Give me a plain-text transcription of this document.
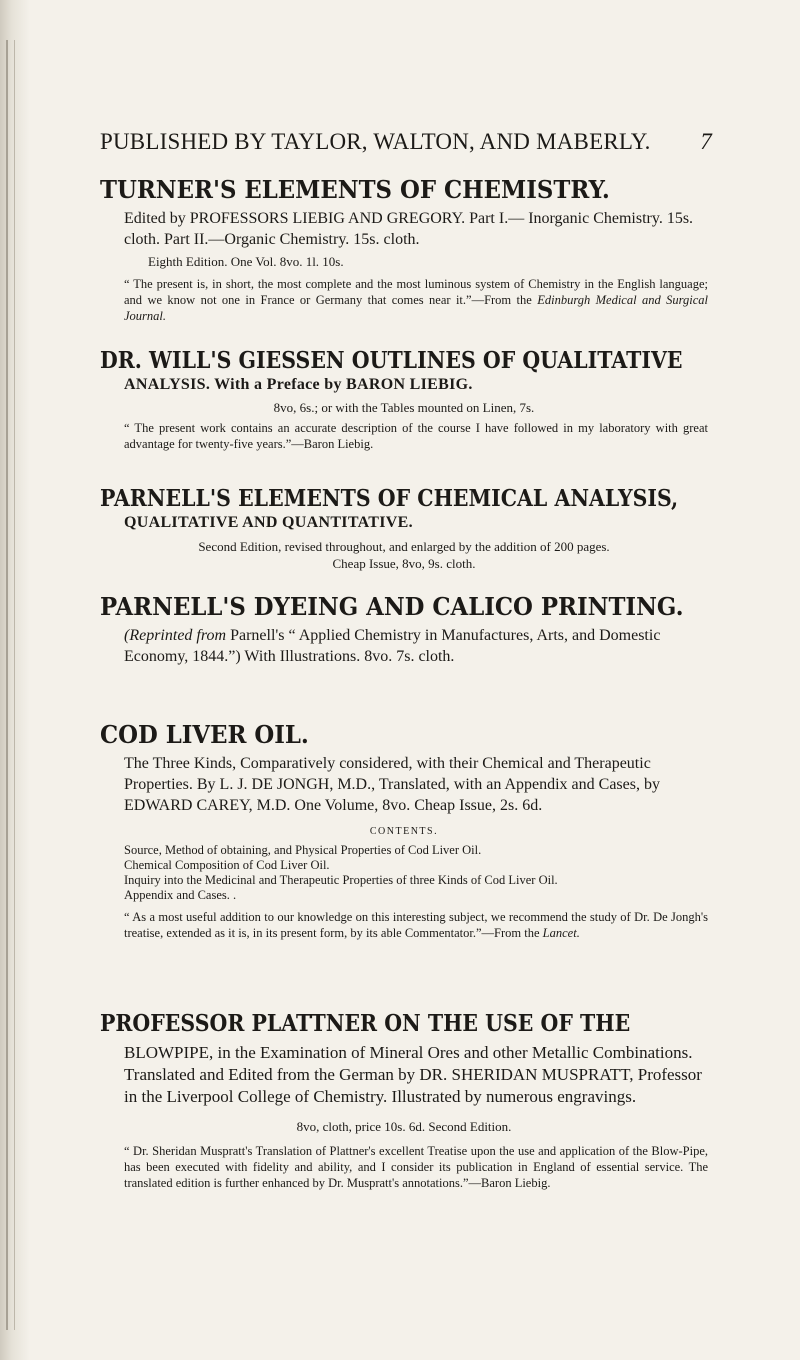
PUBLISHED BY TAYLOR, WALTON, AND MABERLY. 7
TURNER'S ELEMENTS OF CHEMISTRY.
Edited by PROFESSORS LIEBIG AND GREGORY. Part I.— Inorganic Chemistry. 15s. cloth. Part II.—Organic Chemistry. 15s. cloth.
Eighth Edition. One Vol. 8vo. 1l. 10s.
“ The present is, in short, the most complete and the most luminous system of Chemistry in the English language; and we know not one in France or Germany that comes near it.”—From the Edinburgh Medical and Surgical Journal.
DR. WILL'S GIESSEN OUTLINES OF QUALITATIVE
ANALYSIS. With a Preface by BARON LIEBIG.
8vo, 6s.; or with the Tables mounted on Linen, 7s.
“ The present work contains an accurate description of the course I have followed in my laboratory with great advantage for twenty-five years.”—Baron Liebig.
PARNELL'S ELEMENTS OF CHEMICAL ANALYSIS,
QUALITATIVE AND QUANTITATIVE.
Second Edition, revised throughout, and enlarged by the addition of 200 pages.
Cheap Issue, 8vo, 9s. cloth.
PARNELL'S DYEING AND CALICO PRINTING.
(Reprinted from Parnell's “ Applied Chemistry in Manufactures, Arts, and Domestic Economy, 1844.”) With Illustrations. 8vo. 7s. cloth.
COD LIVER OIL.
The Three Kinds, Comparatively considered, with their Chemical and Therapeutic Properties. By L. J. DE JONGH, M.D., Translated, with an Appendix and Cases, by EDWARD CAREY, M.D. One Volume, 8vo. Cheap Issue, 2s. 6d.
CONTENTS.
Source, Method of obtaining, and Physical Properties of Cod Liver Oil.
Chemical Composition of Cod Liver Oil.
Inquiry into the Medicinal and Therapeutic Properties of three Kinds of Cod Liver Oil.
Appendix and Cases. .
“ As a most useful addition to our knowledge on this interesting subject, we recommend the study of Dr. De Jongh's treatise, extended as it is, in its present form, by its able Commentator.”—From the Lancet.
PROFESSOR PLATTNER ON THE USE OF THE
BLOWPIPE, in the Examination of Mineral Ores and other Metallic Combinations. Translated and Edited from the German by DR. SHERIDAN MUSPRATT, Professor in the Liverpool College of Chemistry. Illustrated by numerous engravings.
8vo, cloth, price 10s. 6d. Second Edition.
“ Dr. Sheridan Muspratt's Translation of Plattner's excellent Treatise upon the use and application of the Blow-Pipe, has been executed with fidelity and ability, and I consider its publication in England of essential service. The translated edition is further enhanced by Dr. Muspratt's annotations.”—Baron Liebig.
